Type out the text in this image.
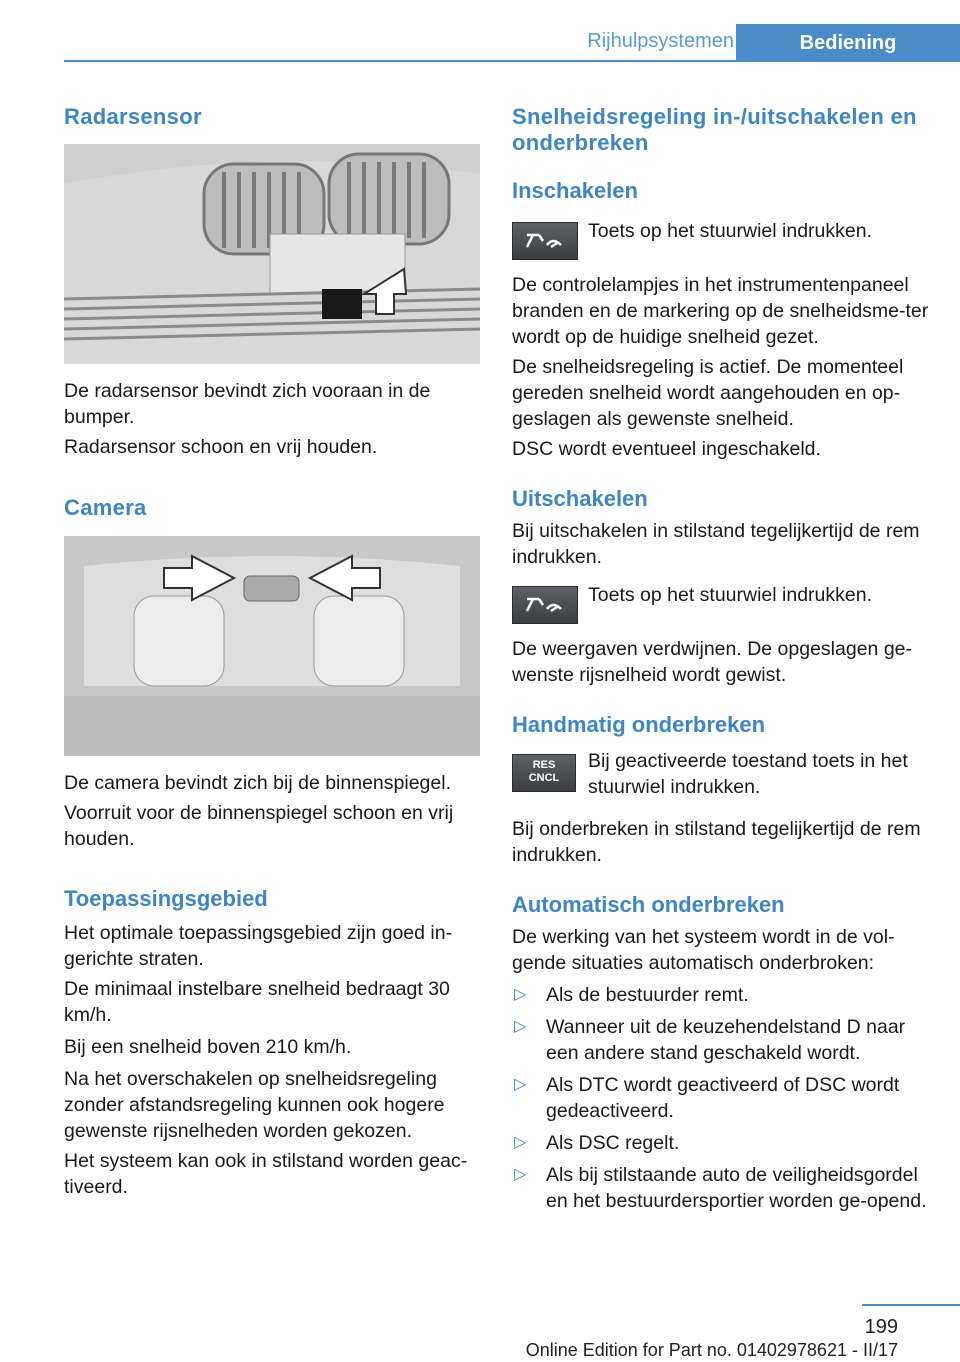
Rijhulpsystemen	Bediening
Radarsensor
De radarsensor bevindt zich vooraan in de bumper.
Radarsensor schoon en vrij houden.
Camera
De camera bevindt zich bij de binnenspiegel.
Voorruit voor de binnenspiegel schoon en vrij houden.
Toepassingsgebied
Het optimale toepassingsgebied zijn goed in-gerichte straten.
De minimaal instelbare snelheid bedraagt 30 km/h.
Bij een snelheid boven 210 km/h.
Na het overschakelen op snelheidsregeling zonder afstandsregeling kunnen ook hogere gewenste rijsnelheden worden gekozen.
Het systeem kan ook in stilstand worden geac-tiveerd.
Snelheidsregeling in-/uitschakelen en onderbreken
Inschakelen
Toets op het stuurwiel indrukken.
De controlelampjes in het instrumentenpaneel branden en de markering op de snelheidsme-ter wordt op de huidige snelheid gezet.
De snelheidsregeling is actief. De momenteel gereden snelheid wordt aangehouden en op-geslagen als gewenste snelheid.
DSC wordt eventueel ingeschakeld.
Uitschakelen
Bij uitschakelen in stilstand tegelijkertijd de rem indrukken.
Toets op het stuurwiel indrukken.
De weergaven verdwijnen. De opgeslagen ge-wenste rijsnelheid wordt gewist.
Handmatig onderbreken
RES
CNCL
Bij geactiveerde toestand toets in het stuurwiel indrukken.
Bij onderbreken in stilstand tegelijkertijd de rem indrukken.
Automatisch onderbreken
De werking van het systeem wordt in de vol-gende situaties automatisch onderbroken:
▷ Als de bestuurder remt.
▷ Wanneer uit de keuzehendelstand D naar een andere stand geschakeld wordt.
▷ Als DTC wordt geactiveerd of DSC wordt gedeactiveerd.
▷ Als DSC regelt.
▷ Als bij stilstaande auto de veiligheidsgordel en het bestuurdersportier worden ge-opend.
199
Online Edition for Part no. 01402978621 - II/17
